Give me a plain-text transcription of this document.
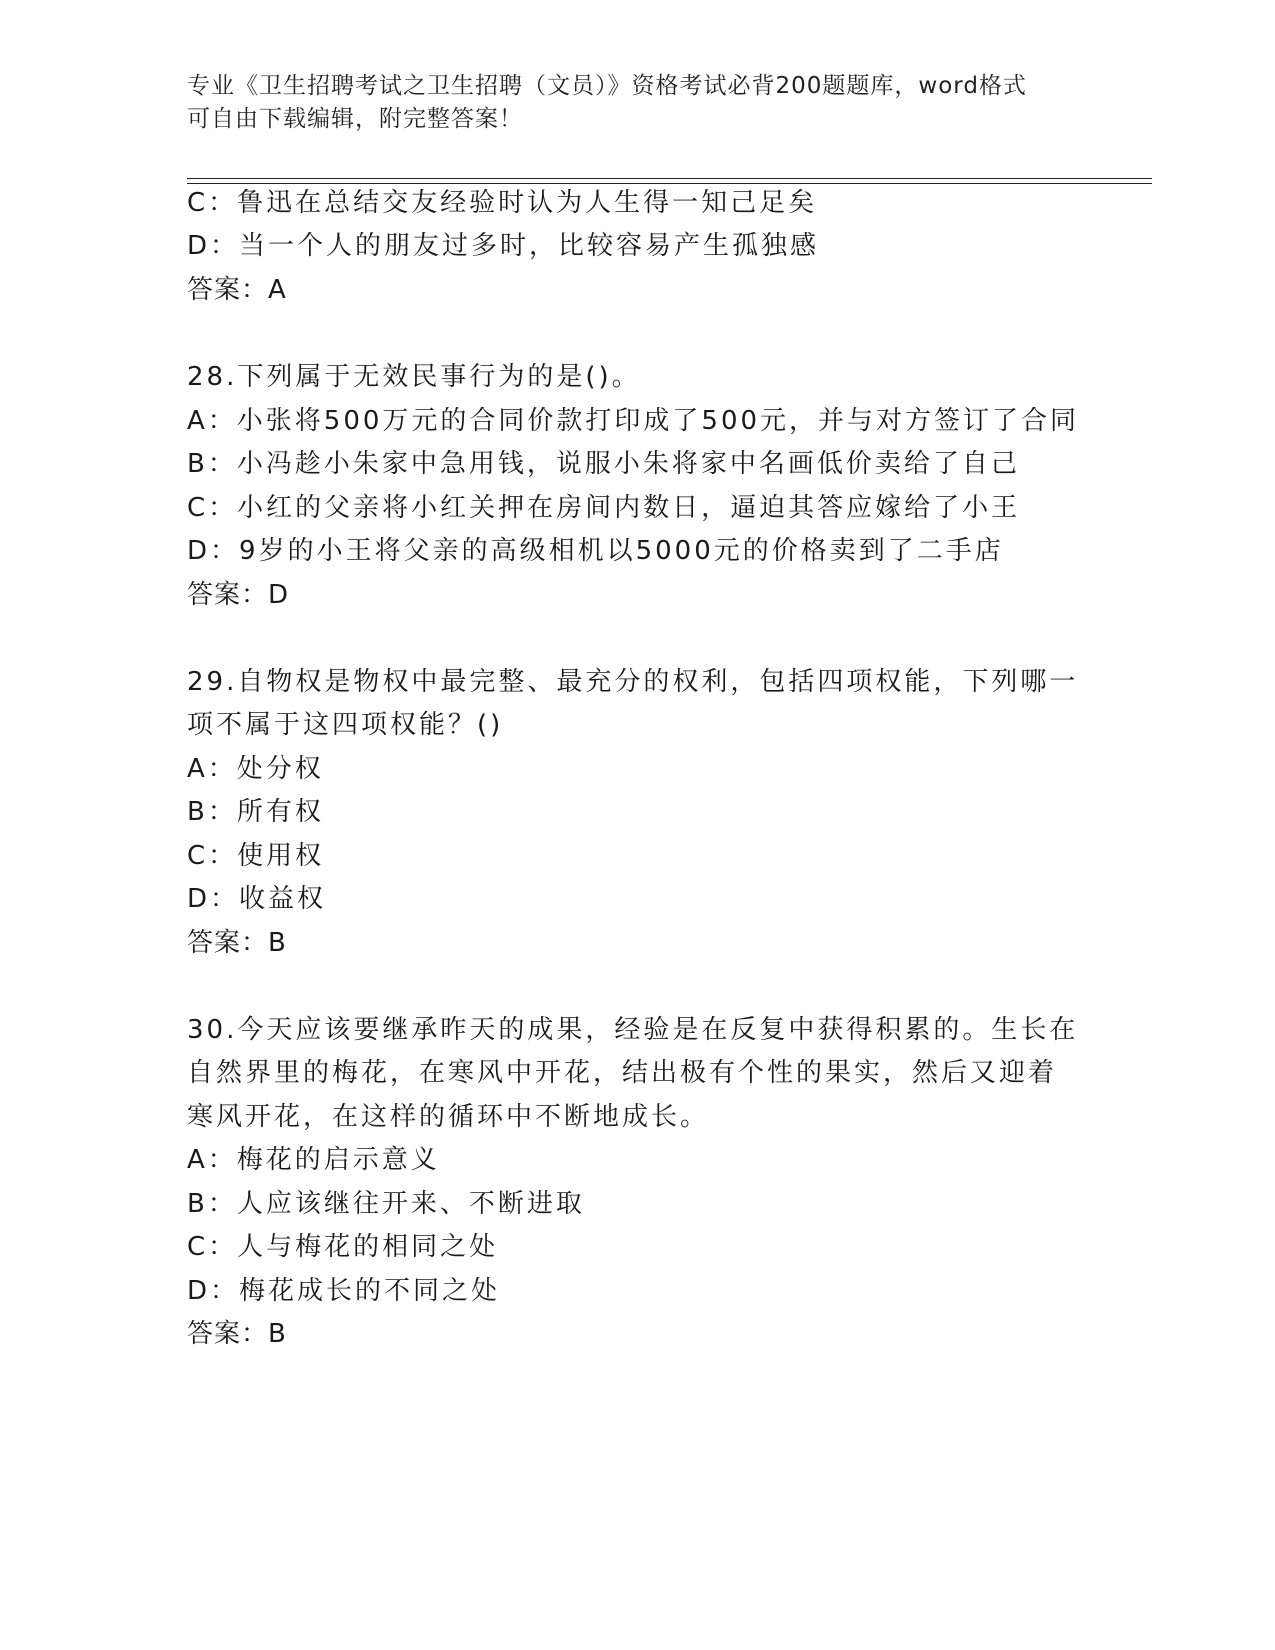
专业《卫生招聘考试之卫生招聘（文员）》资格考试必背200题题库，word格式
可自由下载编辑，附完整答案！
C：鲁迅在总结交友经验时认为人生得一知己足矣
D：当一个人的朋友过多时，比较容易产生孤独感
答案：A
28.下列属于无效民事行为的是()。
A：小张将500万元的合同价款打印成了500元，并与对方签订了合同
B：小冯趁小朱家中急用钱，说服小朱将家中名画低价卖给了自己
C：小红的父亲将小红关押在房间内数日，逼迫其答应嫁给了小王
D：9岁的小王将父亲的高级相机以5000元的价格卖到了二手店
答案：D
29.自物权是物权中最完整、最充分的权利，包括四项权能，下列哪一
项不属于这四项权能？()
A：处分权
B：所有权
C：使用权
D：收益权
答案：B
30.今天应该要继承昨天的成果，经验是在反复中获得积累的。生长在
自然界里的梅花，在寒风中开花，结出极有个性的果实，然后又迎着
寒风开花，在这样的循环中不断地成长。
A：梅花的启示意义
B：人应该继往开来、不断进取
C：人与梅花的相同之处
D：梅花成长的不同之处
答案：B
